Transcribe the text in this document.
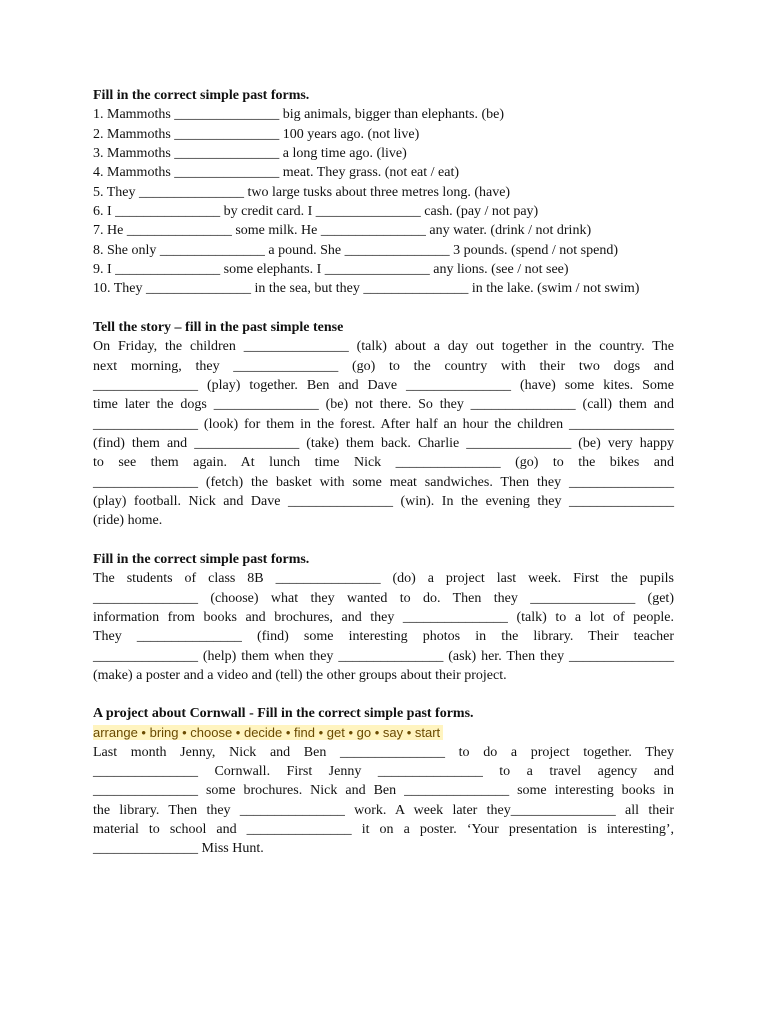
Fill in the correct simple past forms.

1. Mammoths _______________ big animals, bigger than elephants. (be)

2. Mammoths _______________ 100 years ago. (not live)

3. Mammoths _______________ a long time ago. (live)

4. Mammoths _______________ meat. They grass. (not eat / eat)

5. They _______________ two large tusks about three metres long. (have)

6. I _______________ by credit card. I _______________ cash. (pay / not pay)

7. He _______________ some milk. He _______________ any water. (drink / not drink)

8. She only _______________ a pound. She _______________ 3 pounds. (spend / not spend)

9. I _______________ some elephants. I _______________ any lions. (see / not see)

10. They _______________ in the sea, but they _______________ in the lake. (swim / not swim)

Tell the story – fill in the past simple tense

On Friday, the children _______________ (talk) about a day out together in the country. The

next morning, they _______________ (go) to the country with their two dogs and

_______________ (play) together. Ben and Dave _______________ (have) some kites. Some

time later the dogs _______________ (be) not there. So they _______________ (call) them and

_______________ (look) for them in the forest. After half an hour the children _______________

(find) them and _______________ (take) them back. Charlie _______________ (be) very happy

to see them again. At lunch time Nick _______________ (go) to the bikes and

_______________ (fetch) the basket with some meat sandwiches. Then they _______________

(play) football. Nick and Dave _______________ (win). In the evening they _______________

(ride) home.

Fill in the correct simple past forms.

The students of class 8B _______________ (do) a project last week. First the pupils

_______________ (choose) what they wanted to do. Then they _______________ (get)

information from books and brochures, and they _______________ (talk) to a lot of people.

They _______________ (find) some interesting photos in the library. Their teacher

_______________ (help) them when they _______________ (ask) her. Then they _______________

(make) a poster and a video and (tell) the other groups about their project.

A project about Cornwall - Fill in the correct simple past forms.

arrange • bring • choose • decide • find • get • go • say • start

Last month Jenny, Nick and Ben _______________ to do a project together. They

_______________ Cornwall. First Jenny _______________ to a travel agency and

_______________ some brochures. Nick and Ben _______________ some interesting books in

the library. Then they _______________ work. A week later they_______________ all their

material to school and _______________ it on a poster. ‘Your presentation is interesting’,

_______________ Miss Hunt.
